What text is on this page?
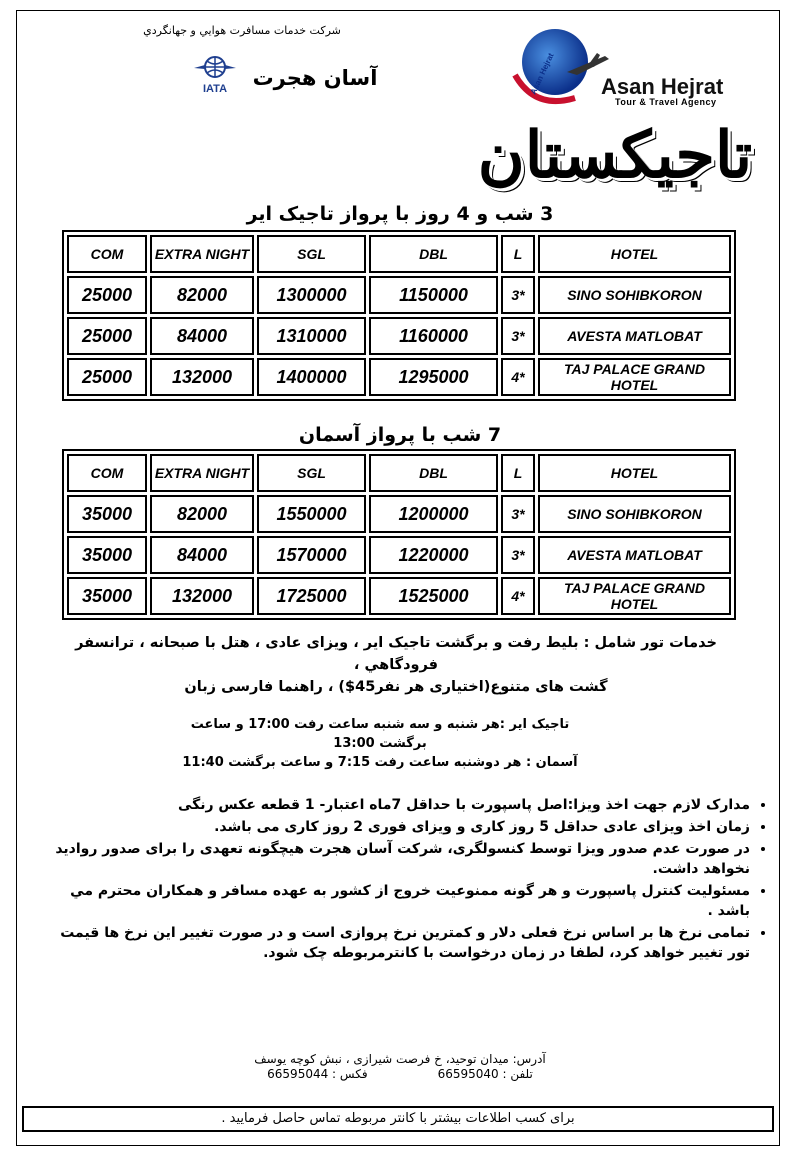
شرکت خدمات مسافرت هوايي و جهانگردي
آسان هجرت
IATA	Asan Hejrat Asan Hejrat
Tour & Travel Agency
تاجیکستان
3 شب و 4 روز با پرواز تاجیک ایر
COM	EXTRA NIGHT	SGL	DBL	L	HOTEL
25000	82000	1300000	1150000	3*	SINO SOHIBKORON
25000	84000	1310000	1160000	3*	AVESTA MATLOBAT
25000	132000	1400000	1295000	4*	TAJ PALACE GRAND HOTEL
7 شب با پرواز آسمان
COM	EXTRA NIGHT	SGL	DBL	L	HOTEL
35000	82000	1550000	1200000	3*	SINO SOHIBKORON
35000	84000	1570000	1220000	3*	AVESTA MATLOBAT
35000	132000	1725000	1525000	4*	TAJ PALACE GRAND HOTEL
خدمات تور شامل : بلیط رفت و برگشت تاجیک ایر ، ویزای عادی ، هتل با صبحانه ، ترانسفر فرودگاهي ،
گشت های متنوع(اختیاری هر نفر45$) ، راهنما فارسی زبان
تاجیک ایر :هر شنبه و سه شنبه ساعت رفت 17:00 و ساعت برگشت 13:00
آسمان : هر دوشنبه ساعت رفت 7:15 و ساعت برگشت 11:40
• مدارک لازم جهت اخذ ویزا:اصل پاسپورت با حداقل 7ماه اعتبار- 1 قطعه عکس رنگی
• زمان اخذ ویزای عادی حداقل 5 روز کاری و ویزای فوری 2 روز کاری می باشد.
• در صورت عدم صدور ویزا توسط کنسولگری، شرکت آسان هجرت هیچگونه تعهدی را برای صدور روادید نخواهد داشت.
• مسئولیت کنترل پاسپورت و هر گونه ممنوعیت خروج از کشور به عهده مسافر و همکاران محترم مي باشد .
• تمامی نرخ ها بر اساس نرخ فعلی دلار و کمترین نرخ پروازی است و در صورت تغییر این نرخ ها قیمت تور تغییر خواهد کرد، لطفا در زمان درخواست با کانترمربوطه چک شود.
آدرس: میدان توحید، خ فرصت شیرازی ، نبش کوچه یوسف
تلفن : 66595040
فکس : 66595044
برای کسب اطلاعات بیشتر با کانتر مربوطه تماس حاصل فرمایید .
